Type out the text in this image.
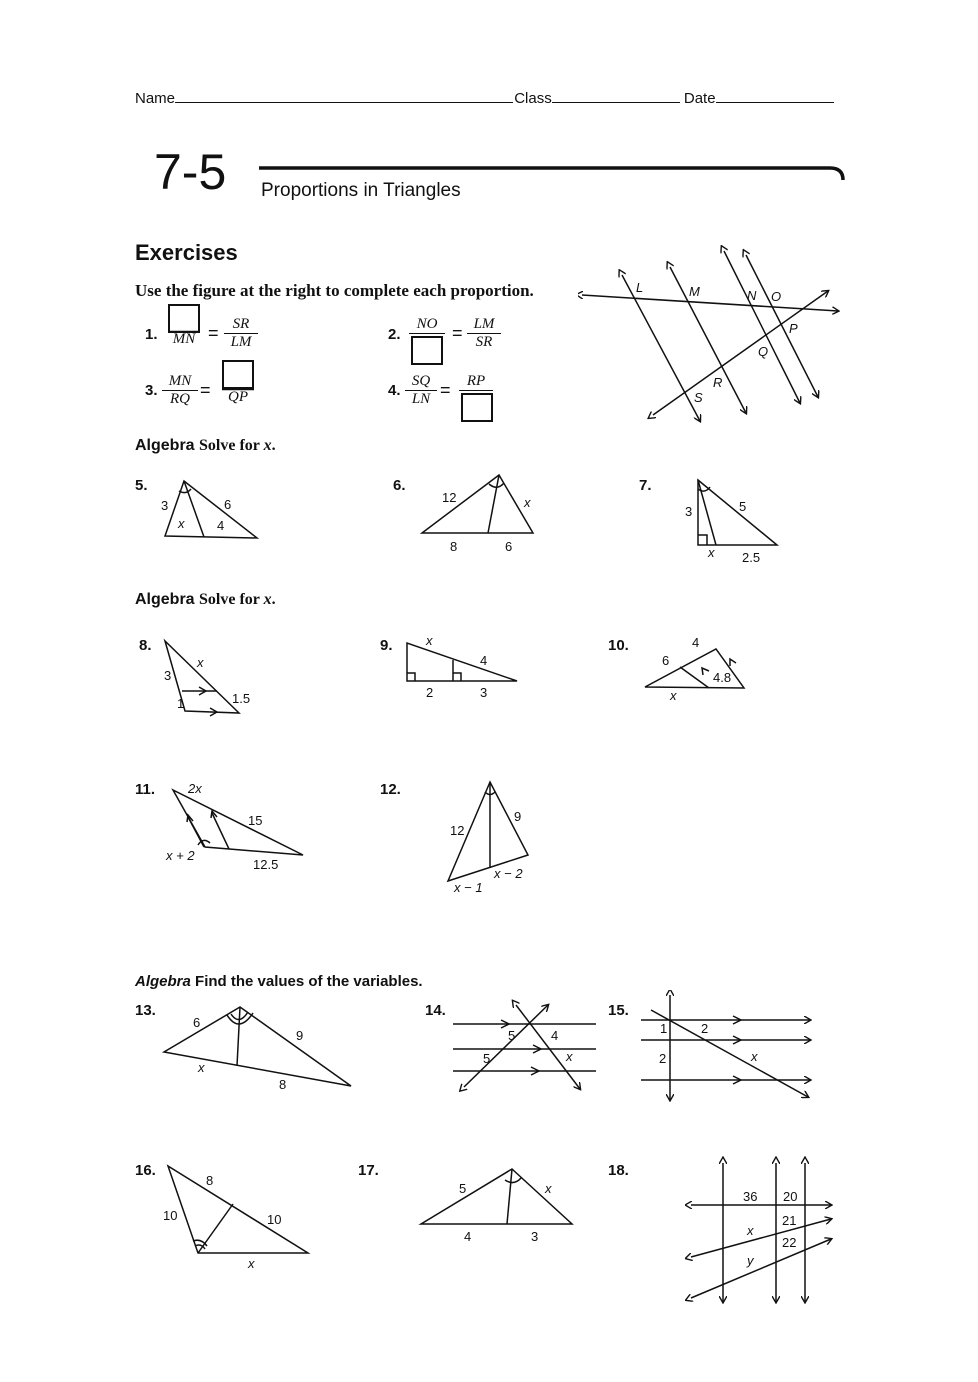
Name	Class	Date
7-5 Proportions in Triangles
Exercises
Use the figure at the right to complete each proportion.
1.	MN = $\frac{SR}{LM}$	2.
NO = $\frac{LM}{SR}$
3. $\frac{MN}{RQ}$ =	QP	4. $\frac{SQ}{LN}$ =	RP
L	M	N O
P
Q
R
S
Algebra Solve for x.
5.
3	6
x	4
6.
12	x
8	6
7.
3	5
x 2.5
Algebra Solve for x.
8.
x
3
1.5
1
9.	x
4
2	3
10.	4
6
4.8
x
11.	2x
15
x + 2
12.5
12.
12
9
x − 2
x − 1
Algebra Find the values of the variables.
13.
6
9
x
8
14.
5	4
5	x
15.
1	2
2	x
16.
8
10	10
x
17.
5	x
4	3
18.
36 20
21
x
22
y
